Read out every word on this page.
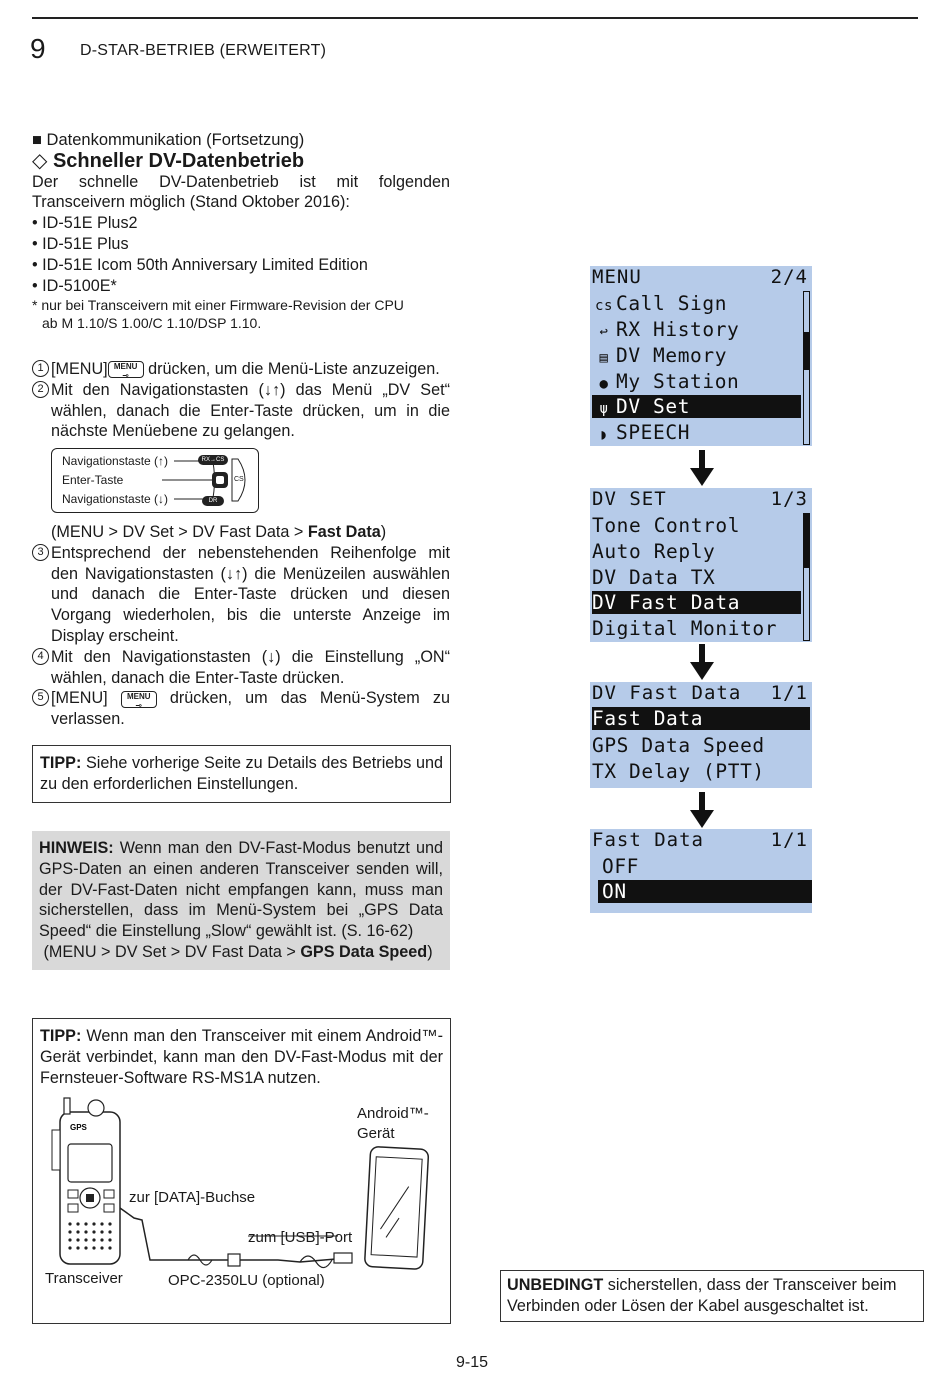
9 D-STAR-BETRIEB (ERWEITERT)

■ Datenkommunikation (Fortsetzung)

◇ Schneller DV-Datenbetrieb

Der schnelle DV-Datenbetrieb ist mit folgenden Transceivern möglich (Stand Oktober 2016):

• ID-51E Plus2

• ID-51E Plus

• ID-51E Icom 50th Anniversary Limited Edition

• ID-5100E*

* nur bei Transceivern mit einer Firmware-Revision der CPU

ab M 1.10/S 1.00/C 1.10/DSP 1.10.

1 [MENU] MENU
⊸ drücken, um die Menü-Liste anzuzeigen.

2 Mit den Navigationstasten (↓↑) das Menü „DV Set“ wählen, danach die Enter-Taste drücken, um in die nächste Menüebene zu gelangen.

Navigationstaste (↑)
Enter-Taste
Navigationstaste (↓)
RX→CS
DR
CS

(MENU > DV Set > DV Fast Data > Fast Data)

3 Entsprechend der nebenstehenden Reihenfolge mit den Navigationstasten (↓↑) die Menüzeilen auswählen und danach die Enter-Taste drücken und diesen Vorgang wiederholen, bis die unterste Anzeige im Display erscheint.

4 Mit den Navigationstasten (↓) die Einstellung „ON“ wählen, danach die Enter-Taste drücken.

5 [MENU] MENU
⊸ drücken, um das Menü-System zu verlassen.

TIPP: Siehe vorherige Seite zu Details des Betriebs und zu den erforderlichen Einstellungen.
HINWEIS: Wenn man den DV-Fast-Modus benutzt und GPS-Daten an einen anderen Transceiver senden will, der DV-Fast-Daten nicht empfangen kann, muss man sicherstellen, dass im Menü-System bei „GPS Data Speed“ die Einstellung „Slow“ gewählt ist. (S. 16-62)
(MENU > DV Set > DV Fast Data > GPS Data Speed)
TIPP: Wenn man den Transceiver mit einem Android™-Gerät verbindet, kann man den DV-Fast-Modus mit der Fernsteuer-Software RS-MS1A nutzen.
GPS
Android™-
Gerät
zur [DATA]-Buchse
zum [USB]-Port
Transceiver	OPC-2350LU (optional)
MENU	2/4
cs Call Sign
↩ RX History
▤ DV Memory
● My Station
ψ DV Set
◗ SPEECH
DV SET	1/3
Tone Control
Auto Reply
DV Data TX
DV Fast Data
Digital Monitor
DV Fast Data 1/1
Fast Data
GPS Data Speed
TX Delay (PTT)
Fast Data	1/1
OFF
ON
UNBEDINGT sicherstellen, dass der Transceiver beim Verbinden oder Lösen der Kabel ausgeschaltet ist.
9-15
